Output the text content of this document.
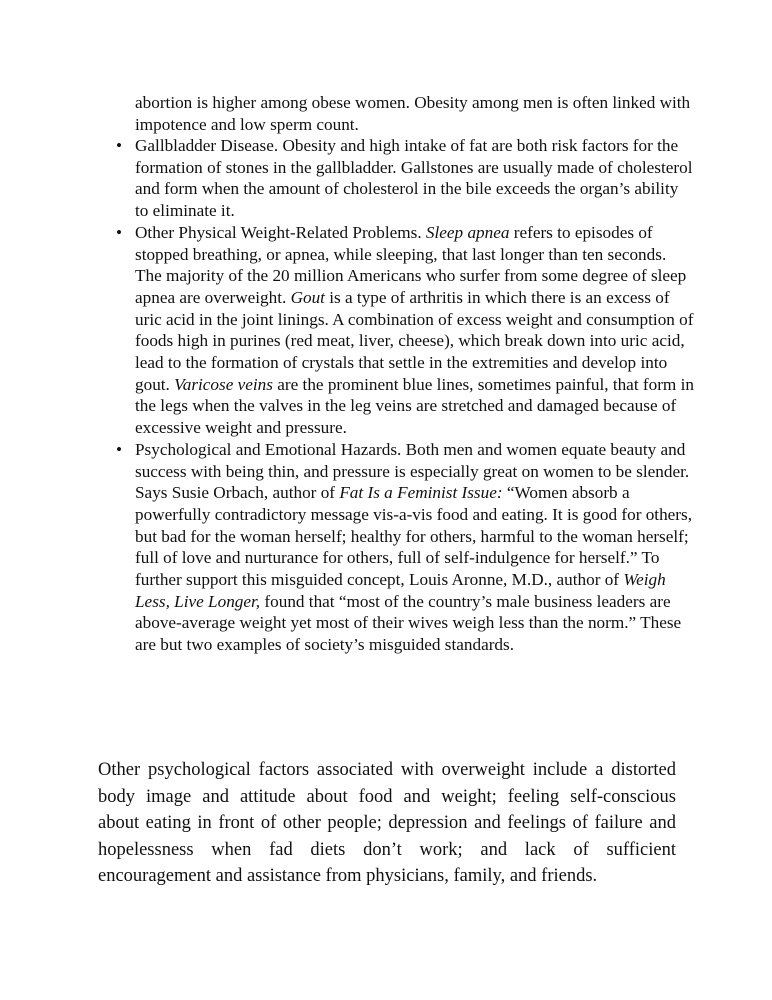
abortion is higher among obese women. Obesity among men is often linked with impotence and low sperm count.

• Gallbladder Disease. Obesity and high intake of fat are both risk factors for the formation of stones in the gallbladder. Gallstones are usually made of cholesterol and form when the amount of cholesterol in the bile exceeds the organ’s ability to eliminate it.
• Other Physical Weight-Related Problems. Sleep apnea refers to episodes of stopped breathing, or apnea, while sleeping, that last longer than ten seconds. The majority of the 20 million Americans who surfer from some degree of sleep apnea are overweight. Gout is a type of arthritis in which there is an excess of uric acid in the joint linings. A combination of excess weight and consumption of foods high in purines (red meat, liver, cheese), which break down into uric acid, lead to the formation of crystals that settle in the extremities and develop into gout. Varicose veins are the prominent blue lines, sometimes painful, that form in the legs when the valves in the leg veins are stretched and damaged because of excessive weight and pressure.
• Psychological and Emotional Hazards. Both men and women equate beauty and success with being thin, and pressure is especially great on women to be slender. Says Susie Orbach, author of Fat Is a Feminist Issue: “Women absorb a powerfully contradictory message vis-a-vis food and eating. It is good for others, but bad for the woman herself; healthy for others, harmful to the woman herself; full of love and nurturance for others, full of self-indulgence for herself.” To further support this misguided concept, Louis Aronne, M.D., author of Weigh Less, Live Longer, found that “most of the country’s male business leaders are above-average weight yet most of their wives weigh less than the norm.” These are but two examples of society’s misguided standards.
Other psychological factors associated with overweight include a distorted
body image and attitude about food and weight; feeling self-conscious
about eating in front of other people; depression and feelings of failure and
hopelessness when fad diets don’t work; and lack of sufficient
encouragement and assistance from physicians, family, and friends.
